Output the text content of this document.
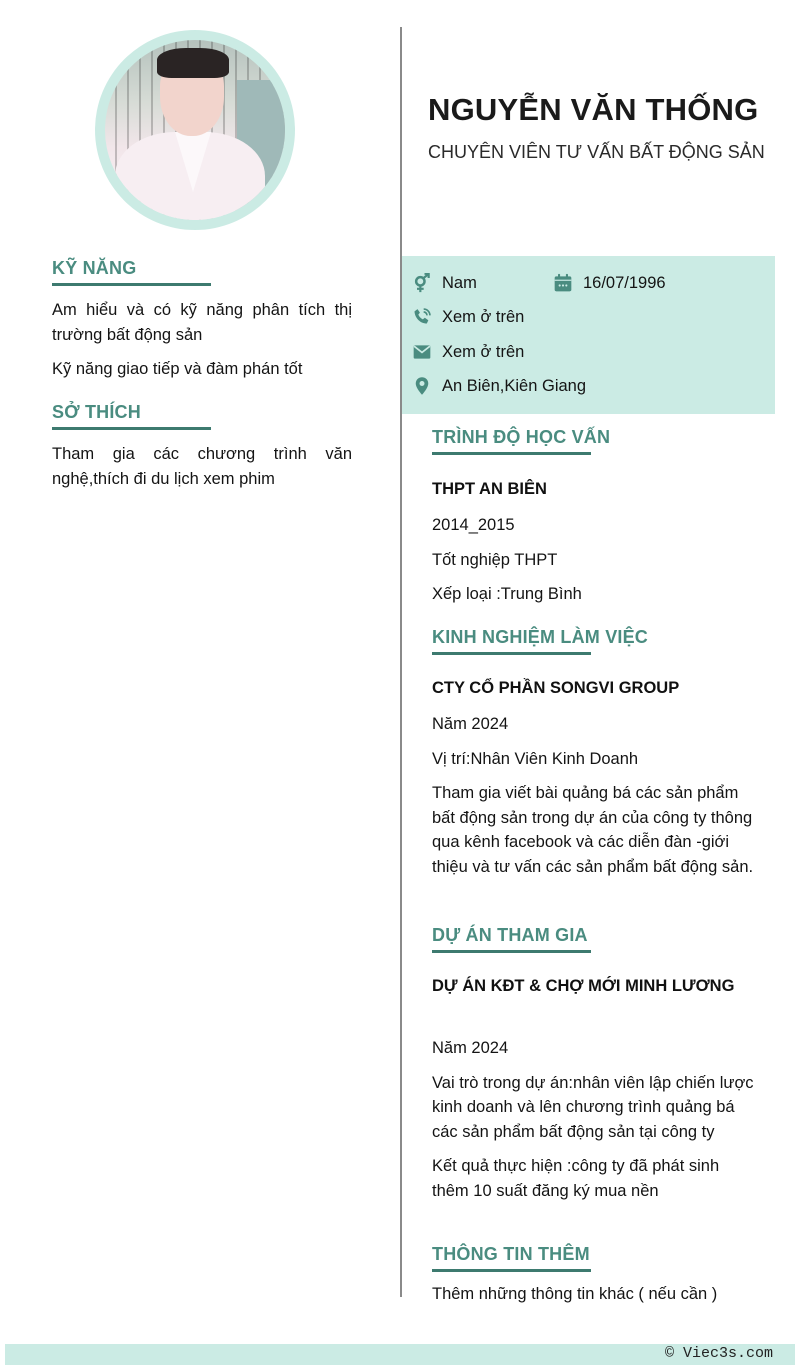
NGUYỄN VĂN THỐNG
CHUYÊN VIÊN TƯ VẤN BẤT ĐỘNG SẢN
Nam	16/07/1996
Xem ở trên
Xem ở trên
An Biên,Kiên Giang
KỸ NĂNG
Am hiểu và có kỹ năng phân tích thị trường bất động sản
Kỹ năng giao tiếp và đàm phán tốt
SỞ THÍCH
Tham gia các chương trình văn nghệ,thích đi du lịch xem phim
TRÌNH ĐỘ HỌC VẤN
THPT AN BIÊN
2014_2015
Tốt nghiệp THPT
Xếp loại :Trung Bình
KINH NGHIỆM LÀM VIỆC
CTY CỔ PHẦN SONGVI GROUP
Năm 2024
Vị trí:Nhân Viên Kinh Doanh
Tham gia viết bài quảng bá các sản phẩm bất động sản trong dự án của công ty thông qua kênh facebook và các diễn đàn -giới thiệu và tư vấn các sản phẩm bất động sản.
DỰ ÁN THAM GIA
DỰ ÁN KĐT & CHỢ MỚI MINH LƯƠNG
Năm 2024
Vai trò trong dự án:nhân viên lập chiến lược kinh doanh và lên chương trình quảng bá các sản phẩm bất động sản tại công ty
Kết quả thực hiện :công ty đã phát sinh thêm 10 suất đăng ký mua nền
THÔNG TIN THÊM
Thêm những thông tin khác ( nếu cần )
© Viec3s.com
